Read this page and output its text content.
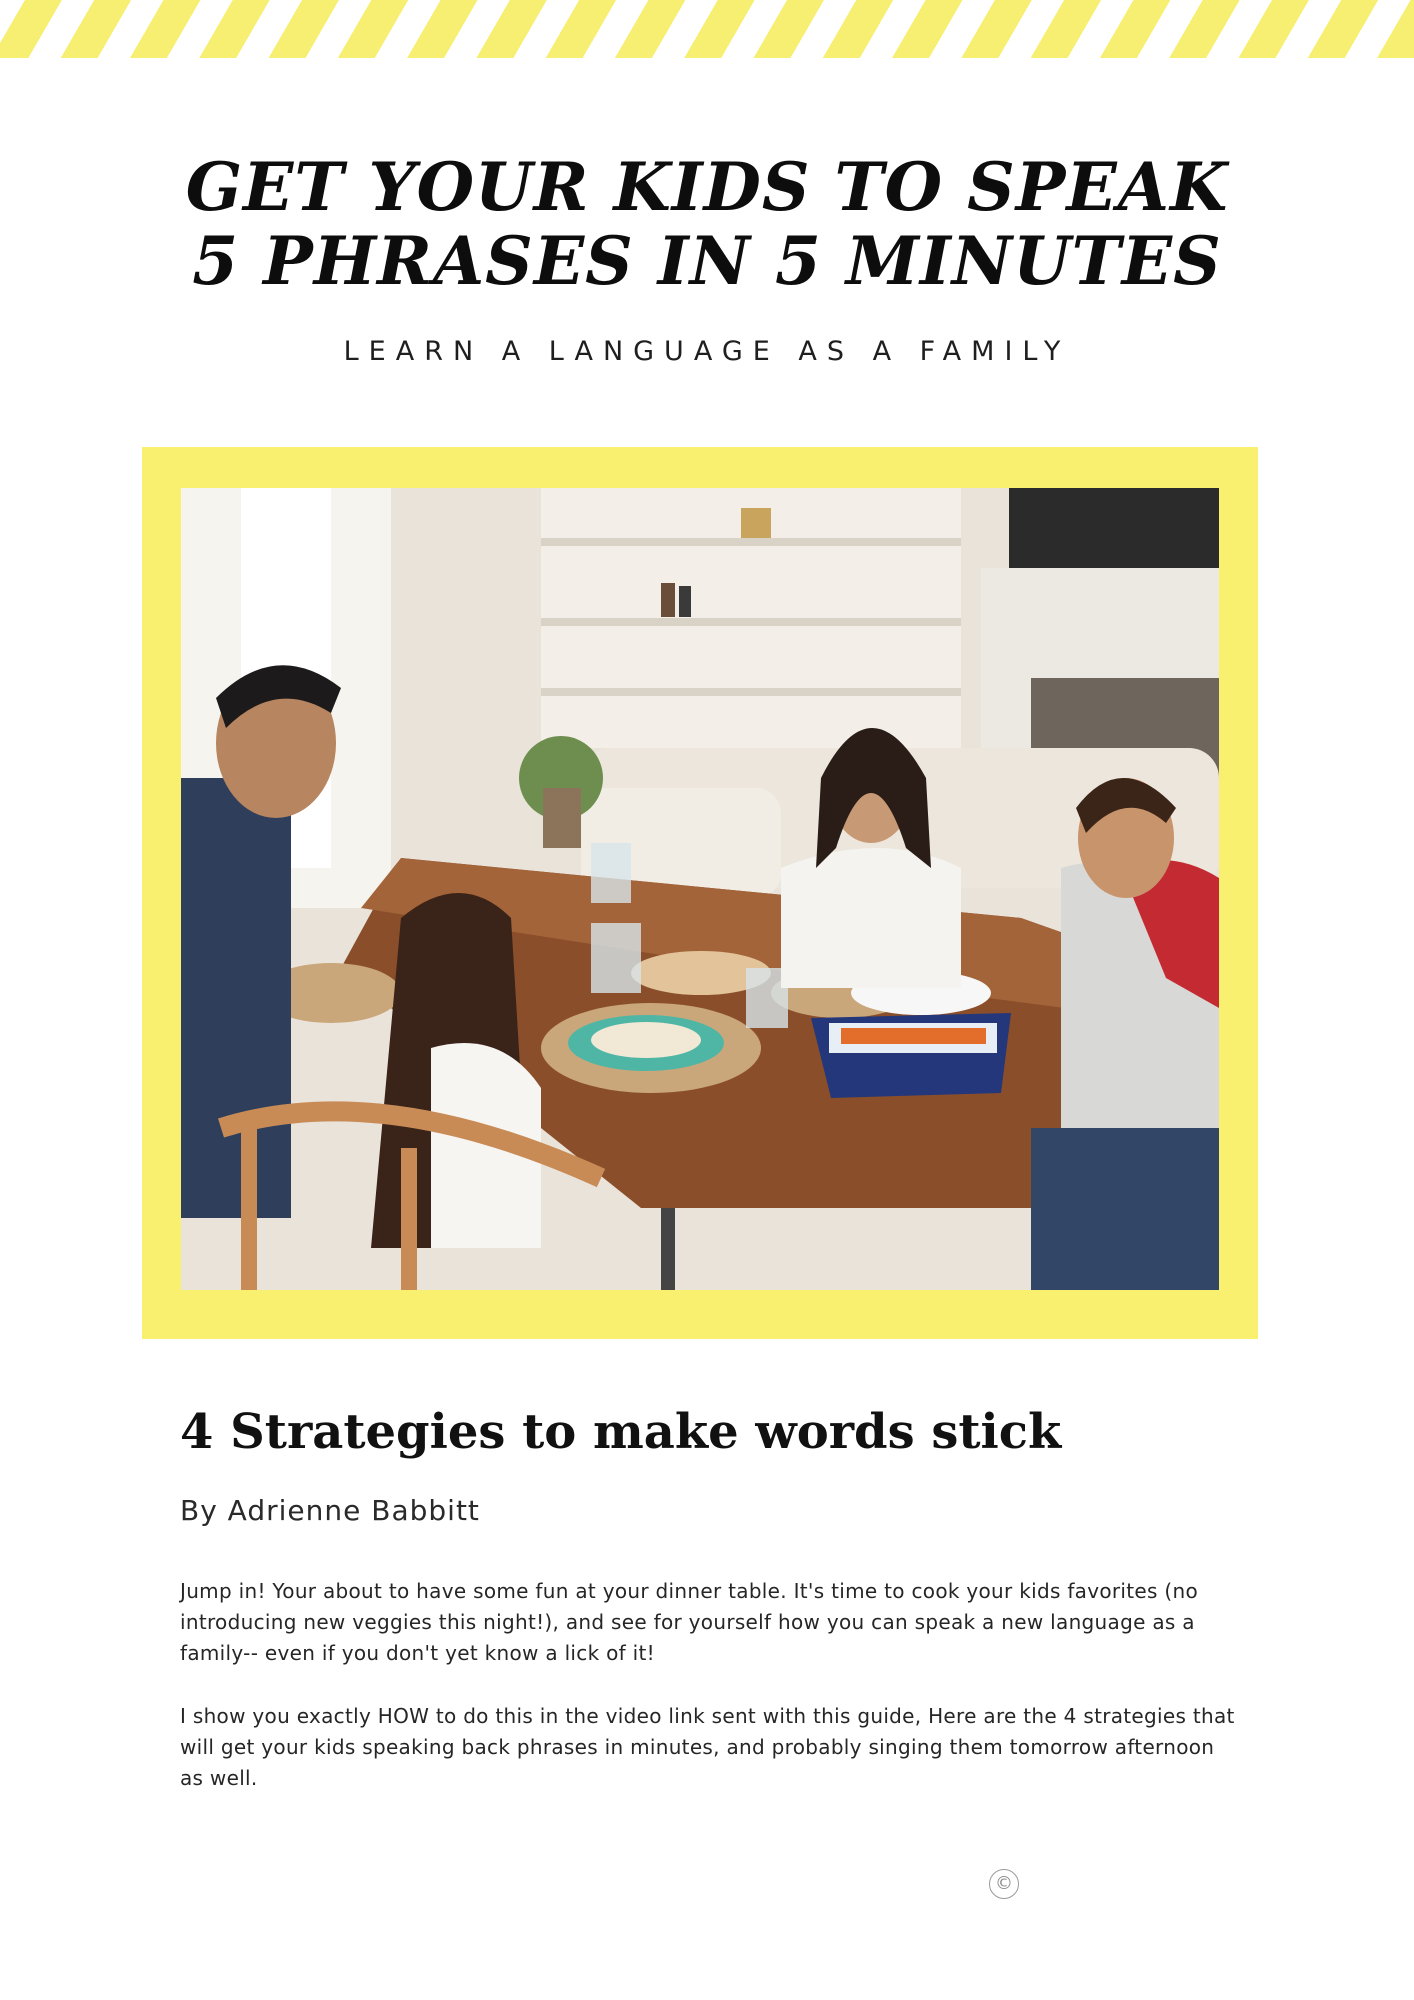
GET YOUR KIDS TO SPEAK
5 PHRASES IN 5 MINUTES
LEARN A LANGUAGE AS A FAMILY
4 Strategies to make words stick
By Adrienne Babbitt

Jump in! Your about to have some fun at your dinner table. It's time to cook your kids favorites (no introducing new veggies this night!), and see for yourself how you can speak a new language as a family-- even if you don't yet know a lick of it!

I show you exactly HOW to do this in the video link sent with this guide, Here are the 4 strategies that will get your kids speaking back phrases in minutes, and probably singing them tomorrow afternoon as well.

©
